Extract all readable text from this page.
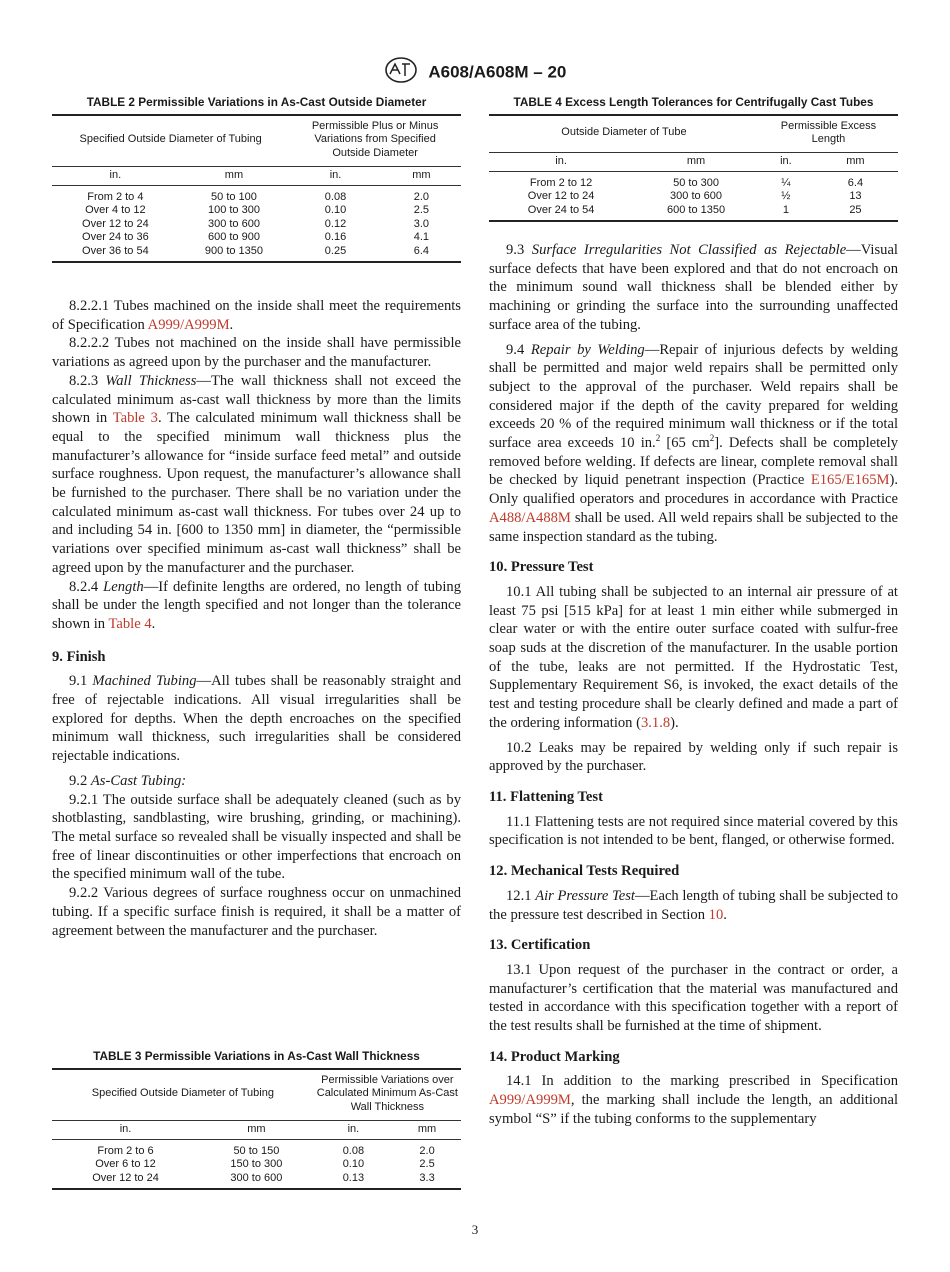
A608/A608M – 20
TABLE 2 Permissible Variations in As-Cast Outside Diameter
Specified Outside Diameter of Tubing		Permissible Plus or Minus Variations from Specified Outside Diameter	
in.	mm	in.	mm
From 2 to 4	50 to 100	0.08	2.0
Over 4 to 12	100 to 300	0.10	2.5
Over 12 to 24	300 to 600	0.12	3.0
Over 24 to 36	600 to 900	0.16	4.1
Over 36 to 54	900 to 1350	0.25	6.4
TABLE 4 Excess Length Tolerances for Centrifugally Cast Tubes
Outside Diameter of Tube		Permissible Excess Length	
in.	mm	in.	mm
From 2 to 12	50 to 300	¼	6.4
Over 12 to 24	300 to 600	½	13
Over 24 to 54	600 to 1350	1	25

8.2.2.1 Tubes machined on the inside shall meet the requirements of Specification A999/A999M.

8.2.2.2 Tubes not machined on the inside shall have permissible variations as agreed upon by the purchaser and the manufacturer.

8.2.3 Wall Thickness—The wall thickness shall not exceed the calculated minimum as-cast wall thickness by more than the limits shown in Table 3. The calculated minimum wall thickness shall be equal to the specified minimum wall thickness plus the manufacturer’s allowance for “inside surface feed metal” and outside surface roughness. Upon request, the manufacturer’s allowance shall be furnished to the purchaser. There shall be no variation under the calculated minimum as-cast wall thickness. For tubes over 24 up to and including 54 in. [600 to 1350 mm] in diameter, the “permissible variations over specified minimum as-cast wall thickness” shall be agreed upon by the manufacturer and the purchaser.

8.2.4 Length—If definite lengths are ordered, no length of tubing shall be under the length specified and not longer than the tolerance shown in Table 4.

9. Finish

9.1 Machined Tubing—All tubes shall be reasonably straight and free of rejectable indications. All visual irregularities shall be explored for depths. When the depth encroaches on the specified minimum wall thickness, such irregularities shall be considered rejectable indications.

9.2 As-Cast Tubing:

9.2.1 The outside surface shall be adequately cleaned (such as by shotblasting, sandblasting, wire brushing, grinding, or machining). The metal surface so revealed shall be visually inspected and shall be free of linear discontinuities or other imperfections that encroach on the specified minimum wall of the tube.

9.2.2 Various degrees of surface roughness occur on unmachined tubing. If a specific surface finish is required, it shall be a matter of agreement between the manufacturer and the purchaser.

TABLE 3 Permissible Variations in As-Cast Wall Thickness
Specified Outside Diameter of Tubing		Permissible Variations over Calculated Minimum As-Cast Wall Thickness	
in.	mm	in.	mm
From 2 to 6	50 to 150	0.08	2.0
Over 6 to 12	150 to 300	0.10	2.5
Over 12 to 24	300 to 600	0.13	3.3

9.3 Surface Irregularities Not Classified as Rejectable—Visual surface defects that have been explored and that do not encroach on the minimum sound wall thickness shall be blended either by machining or grinding the surface into the surrounding unaffected surface area of the tubing.

9.4 Repair by Welding—Repair of injurious defects by welding shall be permitted and major weld repairs shall be permitted only subject to the approval of the purchaser. Weld repairs shall be considered major if the depth of the cavity prepared for welding exceeds 20 % of the required minimum wall thickness or if the total surface area exceeds 10 in.$^2$ [65 $cm^2$]. Defects shall be completely removed before welding. If defects are linear, complete removal shall be checked by liquid penetrant inspection (Practice E165/E165M). Only qualified operators and procedures in accordance with Practice A488/A488M shall be used. All weld repairs shall be subjected to the same inspection standard as the tubing.

10. Pressure Test

10.1 All tubing shall be subjected to an internal air pressure of at least 75 psi [515 kPa] for at least 1 min either while submerged in clear water or with the entire outer surface coated with sulfur-free soap suds at the discretion of the manufacturer. In the usable portion of the tube, leaks are not permitted. If the Hydrostatic Test, Supplementary Requirement S6, is invoked, the exact details of the test and testing procedure shall be clearly defined and made a part of the ordering information (3.1.8).

10.2 Leaks may be repaired by welding only if such repair is approved by the purchaser.

11. Flattening Test

11.1 Flattening tests are not required since material covered by this specification is not intended to be bent, flanged, or otherwise formed.

12. Mechanical Tests Required

12.1 Air Pressure Test—Each length of tubing shall be subjected to the pressure test described in Section 10.

13. Certification

13.1 Upon request of the purchaser in the contract or order, a manufacturer’s certification that the material was manufactured and tested in accordance with this specification together with a report of the test results shall be furnished at the time of shipment.

14. Product Marking

14.1 In addition to the marking prescribed in Specification A999/A999M, the marking shall include the length, an additional symbol “S” if the tubing conforms to the supplementary

3
